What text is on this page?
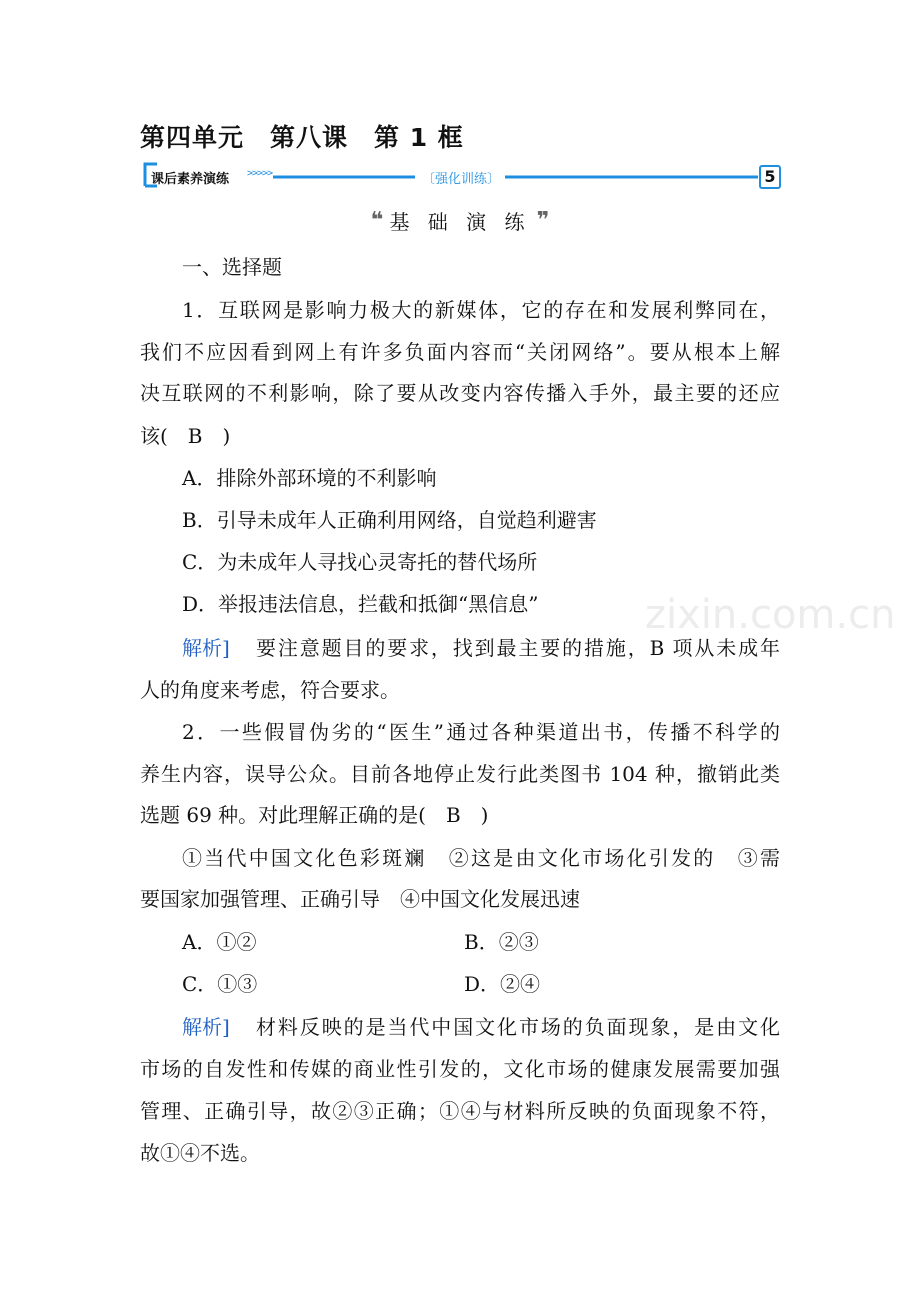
第四单元　第八课　第 1 框
课后素养演练 >>>>>	〔强化训练〕	5
❝ 基 础 演 练 ❞
一、选择题
1．互联网是影响力极大的新媒体，它的存在和发展利弊同在，
我们不应因看到网上有许多负面内容而“关闭网络”。要从根本上解
决互联网的不利影响，除了要从改变内容传播入手外，最主要的还应
该(　B　)
A．排除外部环境的不利影响
B．引导未成年人正确利用网络，自觉趋利避害
C．为未成年人寻找心灵寄托的替代场所
D．举报违法信息，拦截和抵御“黑信息”
解析] 要注意题目的要求，找到最主要的措施，B 项从未成年
人的角度来考虑，符合要求。
2．一些假冒伪劣的“医生”通过各种渠道出书，传播不科学的
养生内容，误导公众。目前各地停止发行此类图书 104 种，撤销此类
选题 69 种。对此理解正确的是(　B　)
①当代中国文化色彩斑斓　②这是由文化市场化引发的　③需
要国家加强管理、正确引导　④中国文化发展迅速
A．①②	B．②③
C．①③	D．②④
解析] 材料反映的是当代中国文化市场的负面现象，是由文化
市场的自发性和传媒的商业性引发的，文化市场的健康发展需要加强
管理、正确引导，故②③正确；①④与材料所反映的负面现象不符，
故①④不选。
zixin.com.cn
